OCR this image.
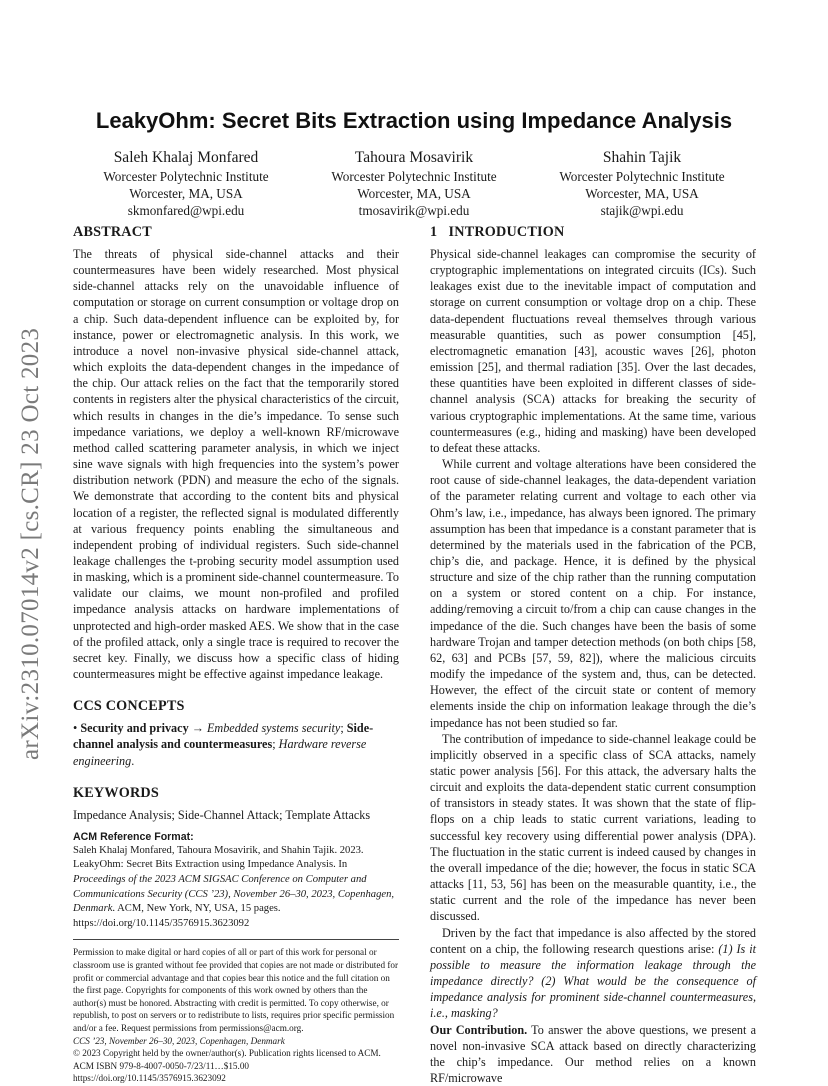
arXiv:2310.07014v2 [cs.CR] 23 Oct 2023
LeakyOhm: Secret Bits Extraction using Impedance Analysis
Saleh Khalaj Monfared
Worcester Polytechnic Institute
Worcester, MA, USA
skmonfared@wpi.edu
Tahoura Mosavirik
Worcester Polytechnic Institute
Worcester, MA, USA
tmosavirik@wpi.edu
Shahin Tajik
Worcester Polytechnic Institute
Worcester, MA, USA
stajik@wpi.edu
ABSTRACT

The threats of physical side-channel attacks and their countermeasures have been widely researched. Most physical side-channel attacks rely on the unavoidable influence of computation or storage on current consumption or voltage drop on a chip. Such data-dependent influence can be exploited by, for instance, power or electromagnetic analysis. In this work, we introduce a novel non-invasive physical side-channel attack, which exploits the data-dependent changes in the impedance of the chip. Our attack relies on the fact that the temporarily stored contents in registers alter the physical characteristics of the circuit, which results in changes in the die’s impedance. To sense such impedance variations, we deploy a well-known RF/microwave method called scattering parameter analysis, in which we inject sine wave signals with high frequencies into the system’s power distribution network (PDN) and measure the echo of the signals. We demonstrate that according to the content bits and physical location of a register, the reflected signal is modulated differently at various frequency points enabling the simultaneous and independent probing of individual registers. Such side-channel leakage challenges the t-probing security model assumption used in masking, which is a prominent side-channel countermeasure. To validate our claims, we mount non-profiled and profiled impedance analysis attacks on hardware implementations of unprotected and high-order masked AES. We show that in the case of the profiled attack, only a single trace is required to recover the secret key. Finally, we discuss how a specific class of hiding countermeasures might be effective against impedance leakage.

CCS CONCEPTS

• Security and privacy → Embedded systems security; Side-channel analysis and countermeasures; Hardware reverse engineering.

KEYWORDS

Impedance Analysis; Side-Channel Attack; Template Attacks

ACM Reference Format:

Saleh Khalaj Monfared, Tahoura Mosavirik, and Shahin Tajik. 2023. LeakyOhm: Secret Bits Extraction using Impedance Analysis. In Proceedings of the 2023 ACM SIGSAC Conference on Computer and Communications Security (CCS ’23), November 26–30, 2023, Copenhagen, Denmark. ACM, New York, NY, USA, 15 pages. https://doi.org/10.1145/3576915.3623092

Permission to make digital or hard copies of all or part of this work for personal or classroom use is granted without fee provided that copies are not made or distributed for profit or commercial advantage and that copies bear this notice and the full citation on the first page. Copyrights for components of this work owned by others than the author(s) must be honored. Abstracting with credit is permitted. To copy otherwise, or republish, to post on servers or to redistribute to lists, requires prior specific permission and/or a fee. Request permissions from permissions@acm.org.

CCS ’23, November 26–30, 2023, Copenhagen, Denmark

© 2023 Copyright held by the owner/author(s). Publication rights licensed to ACM.

ACM ISBN 979-8-4007-0050-7/23/11…$15.00

https://doi.org/10.1145/3576915.3623092

1   INTRODUCTION

Physical side-channel leakages can compromise the security of cryptographic implementations on integrated circuits (ICs). Such leakages exist due to the inevitable impact of computation and storage on current consumption or voltage drop on a chip. These data-dependent fluctuations reveal themselves through various measurable quantities, such as power consumption [45], electromagnetic emanation [43], acoustic waves [26], photon emission [25], and thermal radiation [35]. Over the last decades, these quantities have been exploited in different classes of side-channel analysis (SCA) attacks for breaking the security of various cryptographic implementations. At the same time, various countermeasures (e.g., hiding and masking) have been developed to defeat these attacks.

While current and voltage alterations have been considered the root cause of side-channel leakages, the data-dependent variation of the parameter relating current and voltage to each other via Ohm’s law, i.e., impedance, has always been ignored. The primary assumption has been that impedance is a constant parameter that is determined by the materials used in the fabrication of the PCB, chip’s die, and package. Hence, it is defined by the physical structure and size of the chip rather than the running computation on a system or stored content on a chip. For instance, adding/removing a circuit to/from a chip can cause changes in the impedance of the die. Such changes have been the basis of some hardware Trojan and tamper detection methods (on both chips [58, 62, 63] and PCBs [57, 59, 82]), where the malicious circuits modify the impedance of the system and, thus, can be detected. However, the effect of the circuit state or content of memory elements inside the chip on information leakage through the die’s impedance has not been studied so far.

The contribution of impedance to side-channel leakage could be implicitly observed in a specific class of SCA attacks, namely static power analysis [56]. For this attack, the adversary halts the circuit and exploits the data-dependent static current consumption of transistors in steady states. It was shown that the state of flip-flops on a chip leads to static current variations, leading to successful key recovery using differential power analysis (DPA). The fluctuation in the static current is indeed caused by changes in the overall impedance of the die; however, the focus in static SCA attacks [11, 53, 56] has been on the measurable quantity, i.e., the static current and the role of the impedance has never been discussed.

Driven by the fact that impedance is also affected by the stored content on a chip, the following research questions arise: (1) Is it possible to measure the information leakage through the impedance directly? (2) What would be the consequence of impedance analysis for prominent side-channel countermeasures, i.e., masking?

Our Contribution. To answer the above questions, we present a novel non-invasive SCA attack based on directly characterizing the chip’s impedance. Our method relies on a known RF/microwave
